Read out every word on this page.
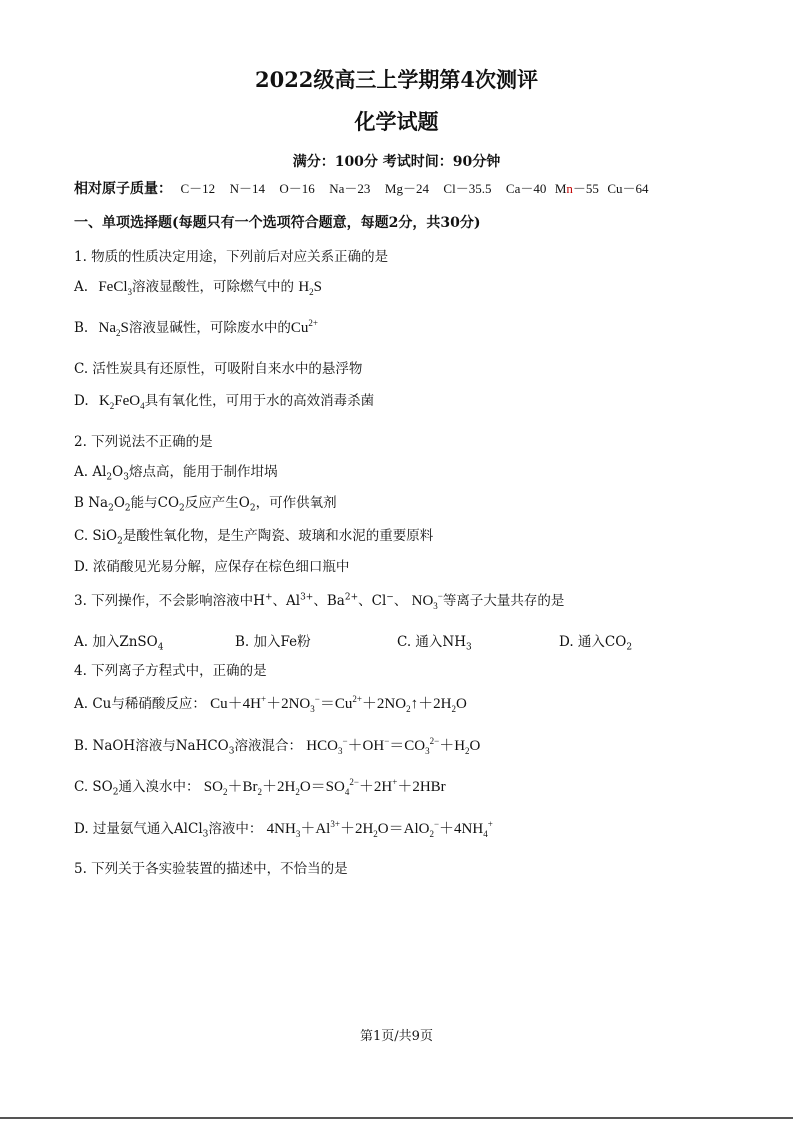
2022级高三上学期第4次测评
化学试题
满分：100分 考试时间：90分钟
相对原子质量： C－12 N－14 O－16 Na－23 Mg－24 Cl－35.5 Ca－40 Mn－55 Cu－64
一、单项选择题(每题只有一个选项符合题意，每题2分，共30分)
1. 物质的性质决定用途，下列前后对应关系正确的是
A. FeCl$_3$溶液显酸性，可除燃气中的 $H_2S$
B. $Na_2S$溶液显碱性，可除废水中的$Cu^{2+}$
C. 活性炭具有还原性，可吸附自来水中的悬浮物
D. $K_2FeO_4$具有氧化性，可用于水的高效消毒杀菌
2. 下列说法不正确的是
A. $Al_2O_3$熔点高，能用于制作坩埚
B $Na_2O_2$能与$CO_2$反应产生$O_2$，可作供氧剂
C. SiO$_2$是酸性氧化物，是生产陶瓷、玻璃和水泥的重要原料
D. 浓硝酸见光易分解，应保存在棕色细口瓶中
3. 下列操作，不会影响溶液中H+、$Al^{3+}$、$Ba^{2+}$、Cl−、 $NO_3^-$等离子大量共存的是
A. 加入ZnSO$_4$	B. 加入Fe粉	C. 通入$NH_3$	D. 通入$CO_2$
4. 下列离子方程式中，正确的是
A. Cu与稀硝酸反应： $Cu+4H^++2NO_3^-=Cu^{2+}+2NO_2↑+2H_2O$
B. NaOH溶液与NaHCO$_3$溶液混合： $HCO_3^-+OH^-=CO_3^{2-}+H_2O$
C. $SO_2$通入溴水中： $SO_2+Br_2+2H_2O=SO_4^{2-}+2H^++2HBr$
D. 过量氨气通入AlCl$_3$溶液中： $4NH_3+Al^{3+}+2H_2O=AlO_2^-+4NH_4^+$
5. 下列关于各实验装置的描述中，不恰当的是
第1页/共9页
